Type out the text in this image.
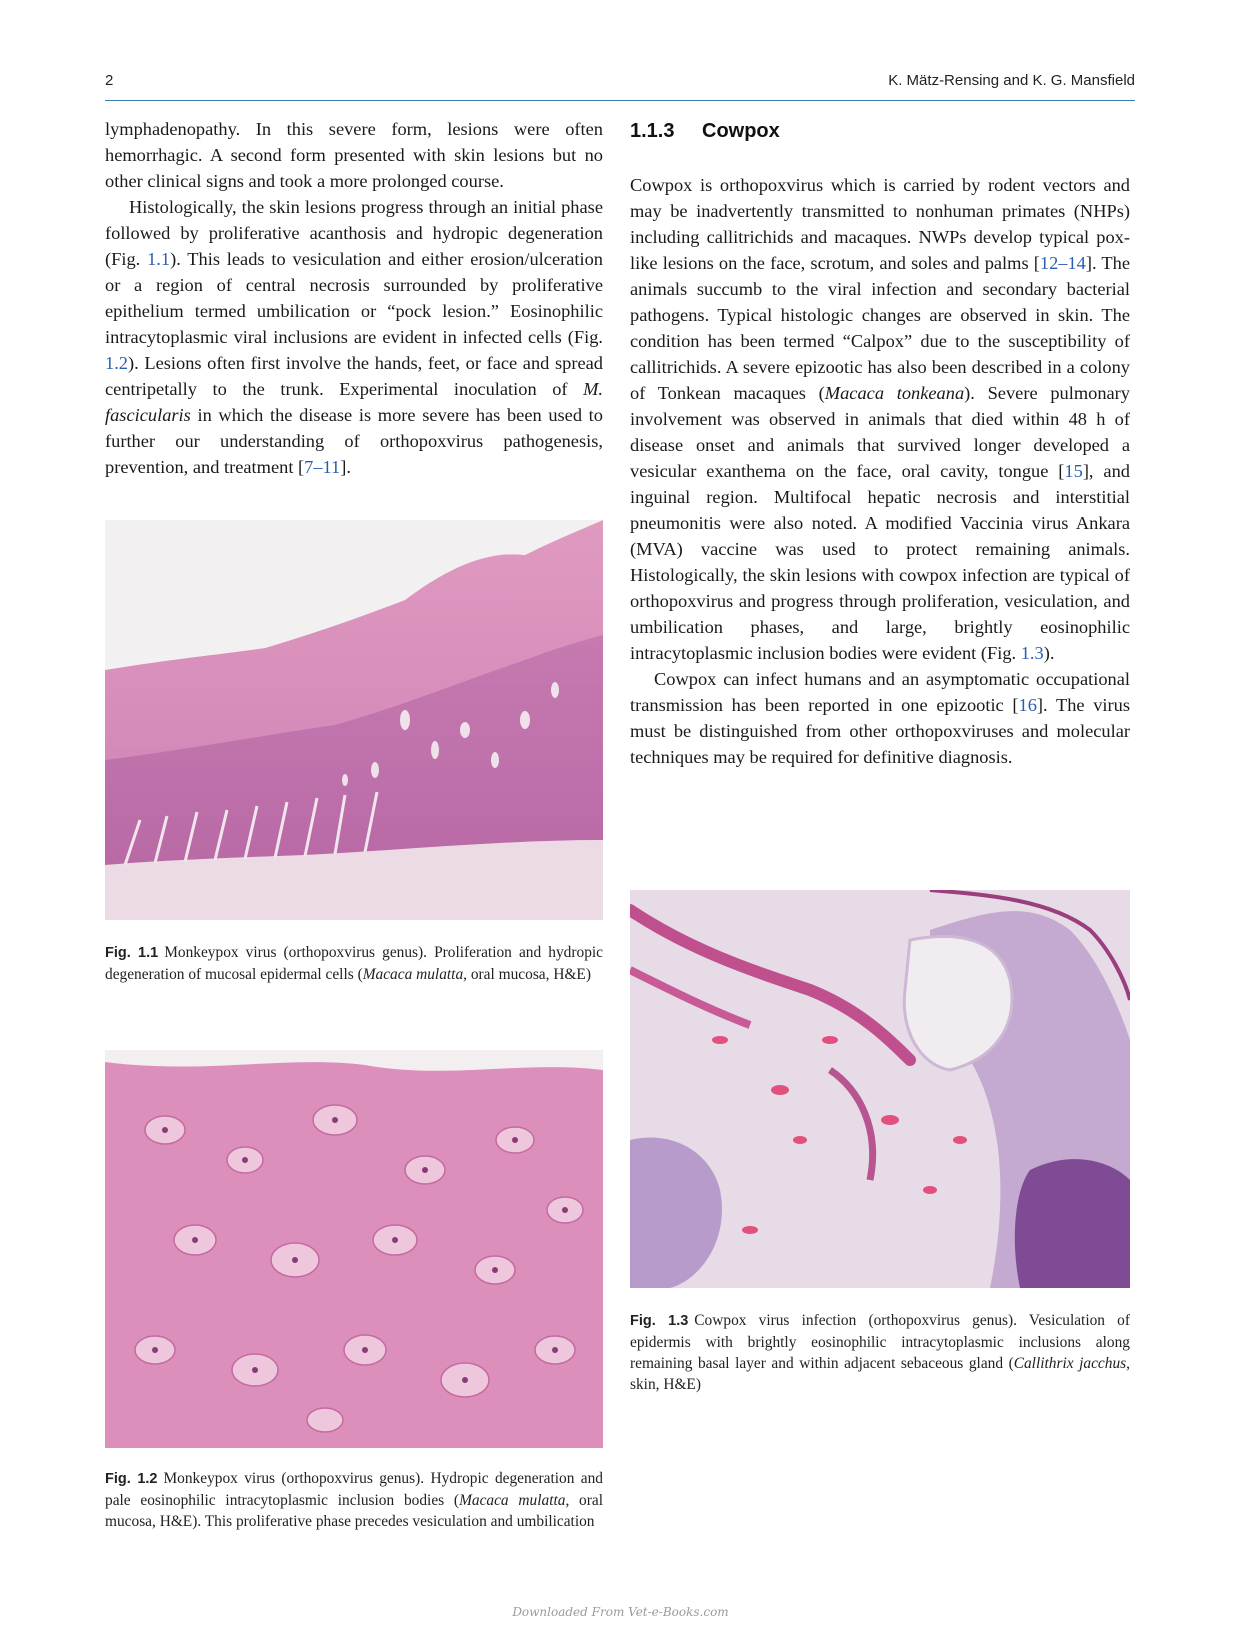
2	K. Mätz-Rensing and K. G. Mansfield

lymphadenopathy. In this severe form, lesions were often hemorrhagic. A second form presented with skin lesions but no other clinical signs and took a more prolonged course.

Histologically, the skin lesions progress through an initial phase followed by proliferative acanthosis and hydropic degeneration (Fig. 1.1). This leads to vesiculation and either erosion/ulceration or a region of central necrosis surrounded by proliferative epithelium termed umbilication or “pock lesion.” Eosinophilic intracytoplasmic viral inclusions are evident in infected cells (Fig. 1.2). Lesions often first involve the hands, feet, or face and spread centripetally to the trunk. Experimental inoculation of M. fascicularis in which the disease is more severe has been used to further our understanding of orthopoxvirus pathogenesis, prevention, and treatment [7–11].

Fig. 1.1 Monkeypox virus (orthopoxvirus genus). Proliferation and hydropic degeneration of mucosal epidermal cells (Macaca mulatta, oral mucosa, H&E)
Fig. 1.2 Monkeypox virus (orthopoxvirus genus). Hydropic degeneration and pale eosinophilic intracytoplasmic inclusion bodies (Macaca mulatta, oral mucosa, H&E). This proliferative phase precedes vesiculation and umbilication
1.1.3 Cowpox

Cowpox is orthopoxvirus which is carried by rodent vectors and may be inadvertently transmitted to nonhuman primates (NHPs) including callitrichids and macaques. NWPs develop typical pox-like lesions on the face, scrotum, and soles and palms [12–14]. The animals succumb to the viral infection and secondary bacterial pathogens. Typical histologic changes are observed in skin. The condition has been termed “Calpox” due to the susceptibility of callitrichids. A severe epizootic has also been described in a colony of Tonkean macaques (Macaca tonkeana). Severe pulmonary involvement was observed in animals that died within 48 h of disease onset and animals that survived longer developed a vesicular exanthema on the face, oral cavity, tongue [15], and inguinal region. Multifocal hepatic necrosis and interstitial pneumonitis were also noted. A modified Vaccinia virus Ankara (MVA) vaccine was used to protect remaining animals. Histologically, the skin lesions with cowpox infection are typical of orthopoxvirus and progress through proliferation, vesiculation, and umbilication phases, and large, brightly eosinophilic intracytoplasmic inclusion bodies were evident (Fig. 1.3).

Cowpox can infect humans and an asymptomatic occupational transmission has been reported in one epizootic [16]. The virus must be distinguished from other orthopoxviruses and molecular techniques may be required for definitive diagnosis.

Fig. 1.3 Cowpox virus infection (orthopoxvirus genus). Vesiculation of epidermis with brightly eosinophilic intracytoplasmic inclusions along remaining basal layer and within adjacent sebaceous gland (Callithrix jacchus, skin, H&E)
Downloaded From Vet-e-Books.com
